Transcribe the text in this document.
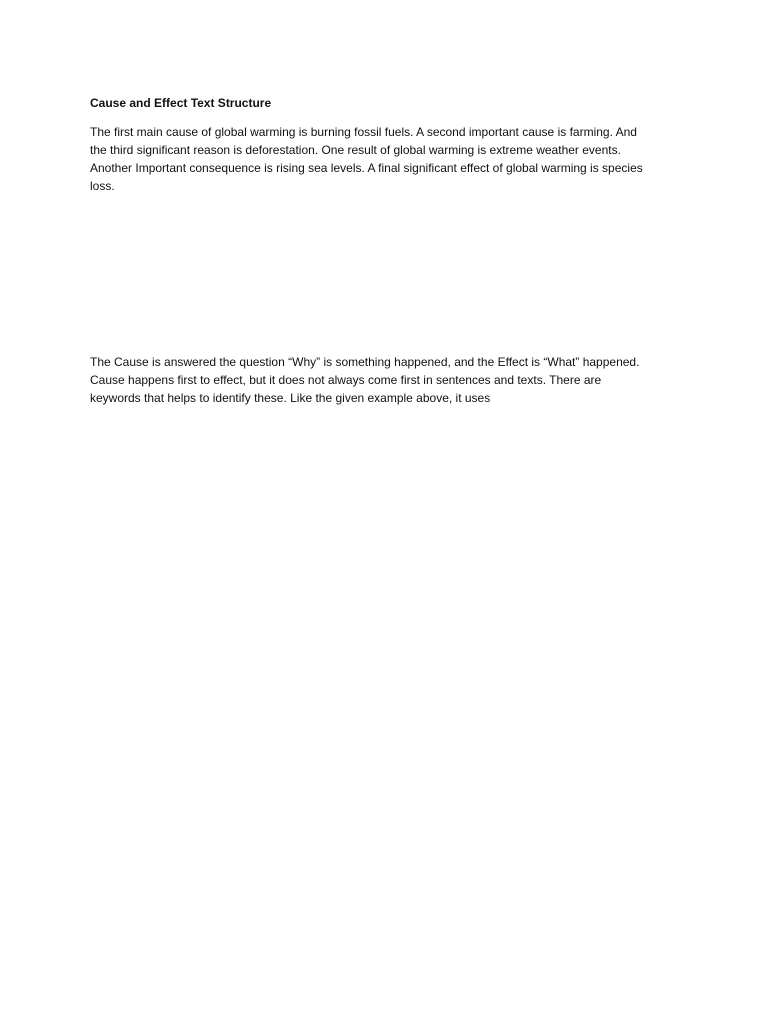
Cause and Effect Text Structure

The first main cause of global warming is burning fossil fuels. A second important cause is farming. And
the third significant reason is deforestation. One result of global warming is extreme weather events.
Another Important consequence is rising sea levels. A final significant effect of global warming is species
loss.

The Cause is answered the question “Why” is something happened, and the Effect is “What” happened.
Cause happens first to effect, but it does not always come first in sentences and texts. There are
keywords that helps to identify these. Like the given example above, it uses
